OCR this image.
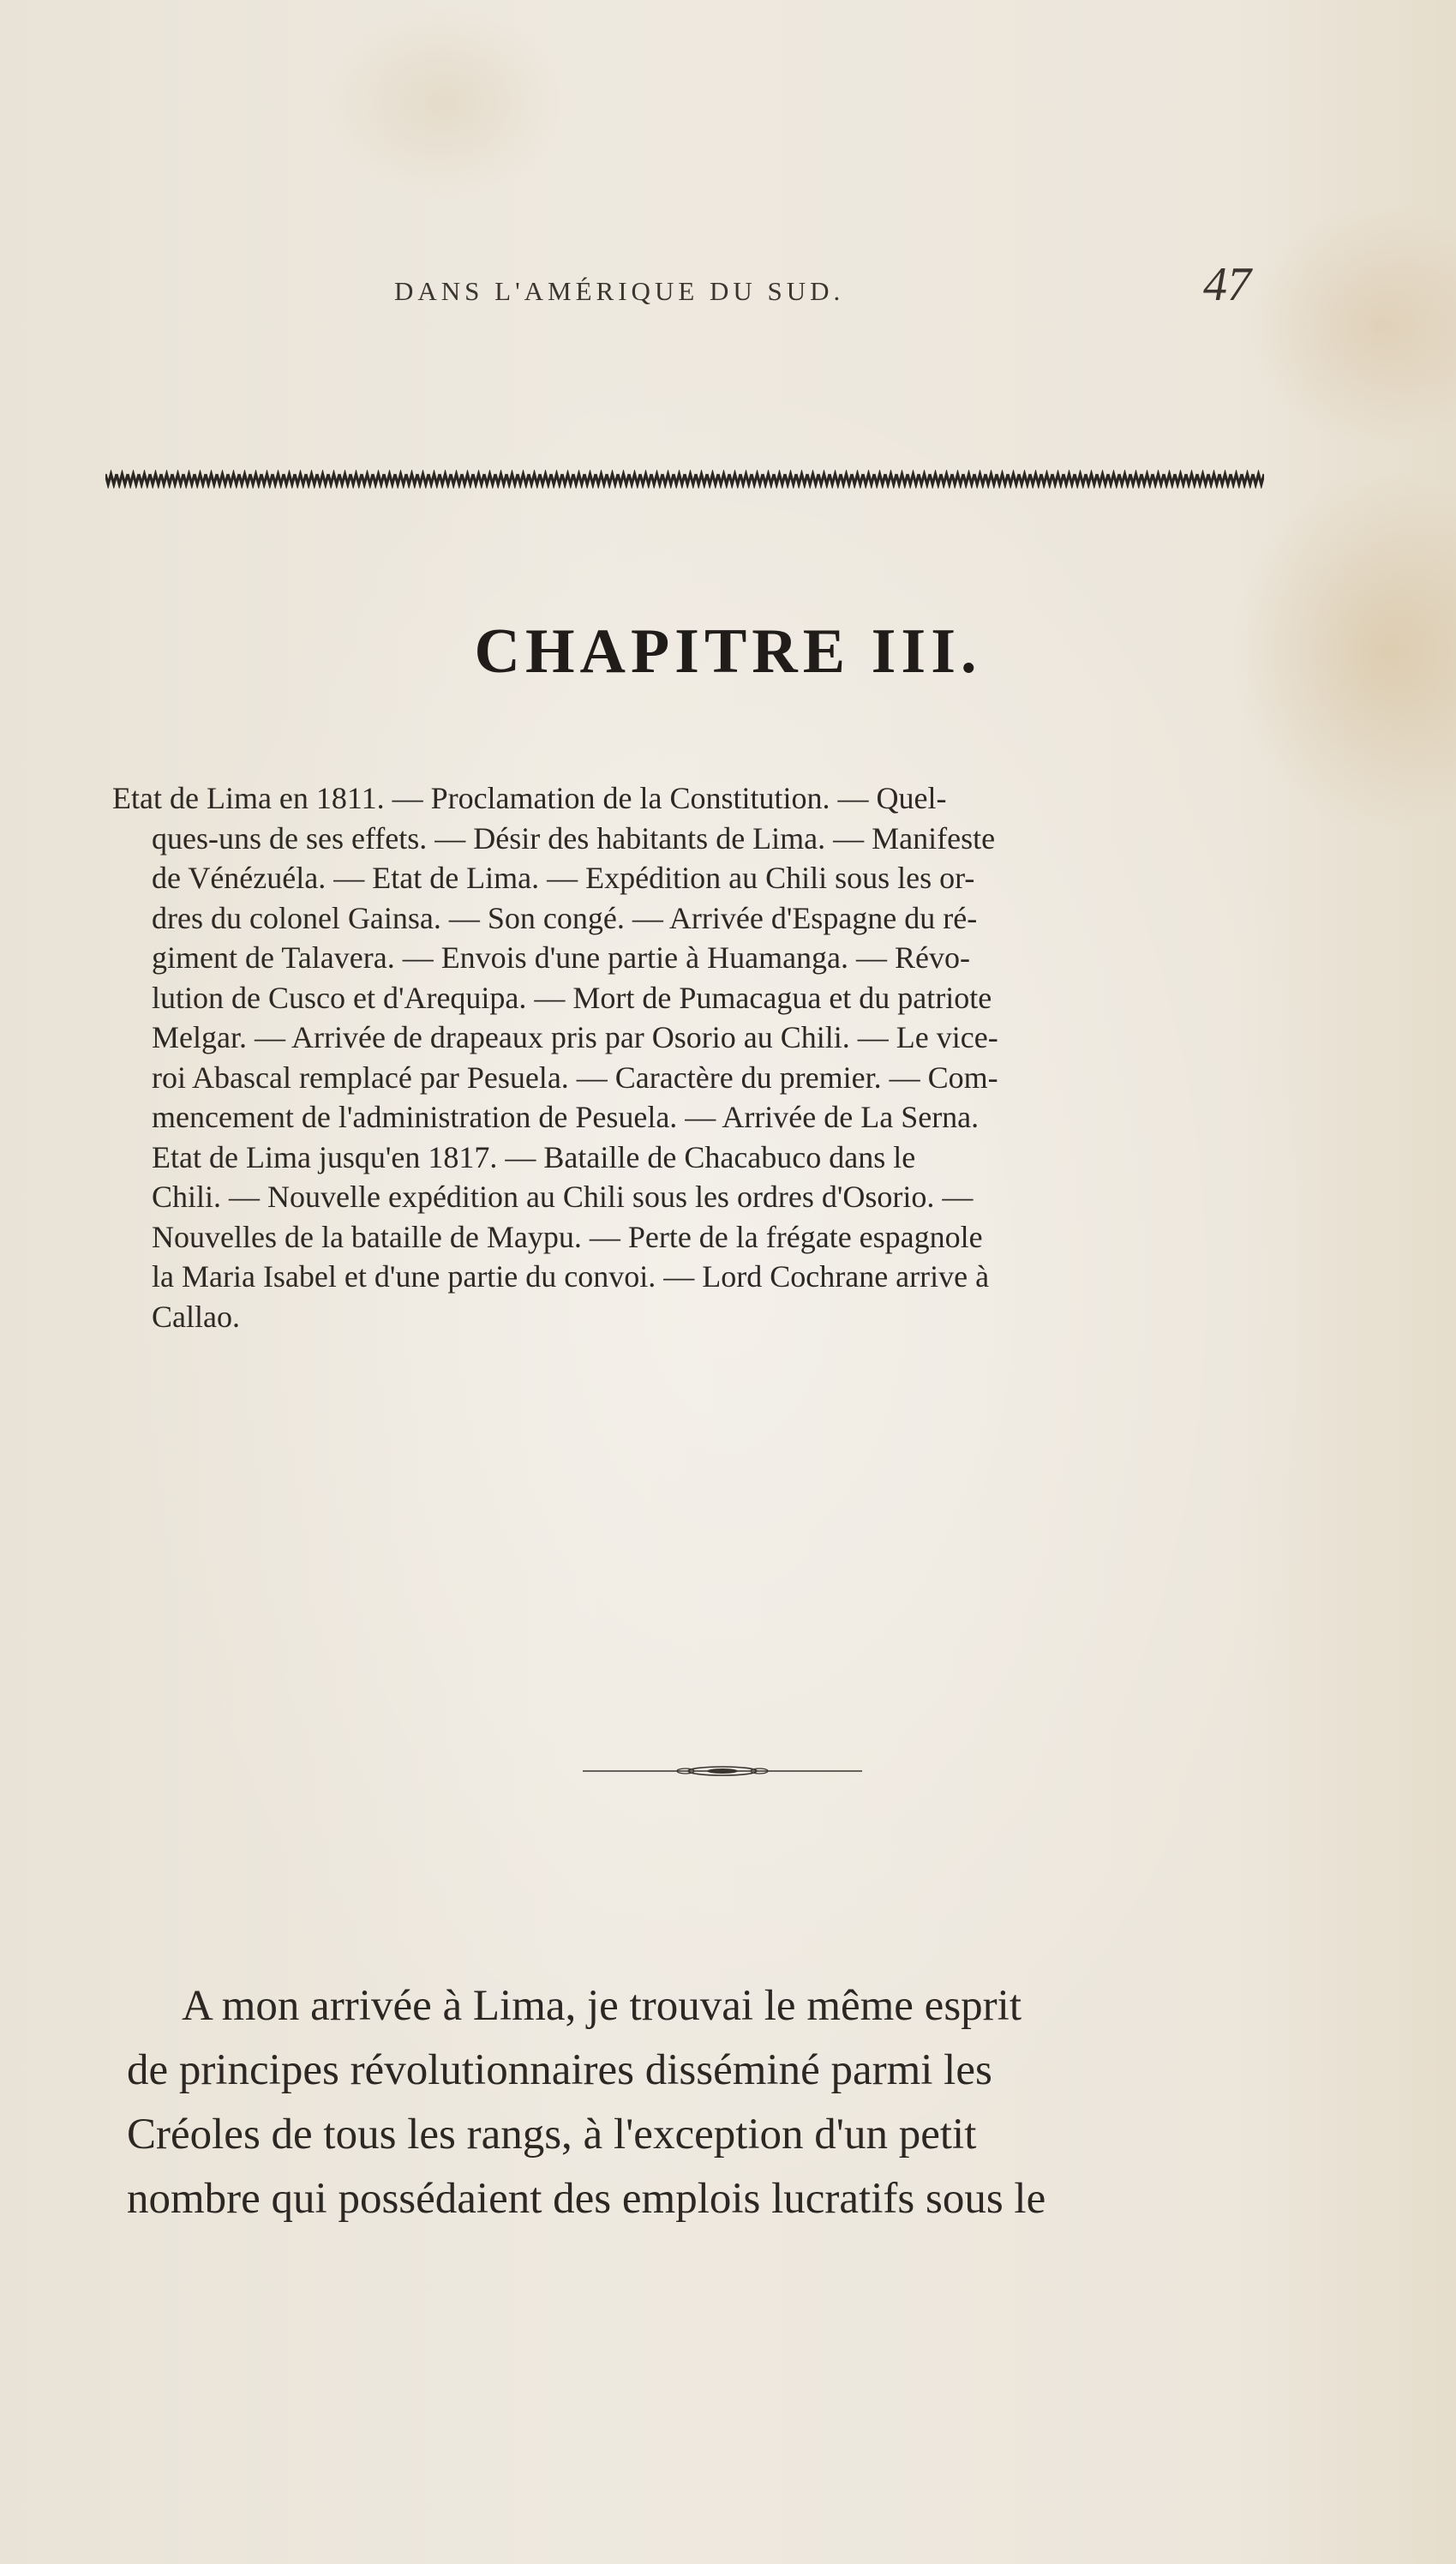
DANS L'AMÉRIQUE DU SUD.	47
CHAPITRE III.
Etat de Lima en 1811. — Proclamation de la Constitution. — Quel-
ques-uns de ses effets. — Désir des habitants de Lima. — Manifeste
de Vénézuéla. — Etat de Lima. — Expédition au Chili sous les or-
dres du colonel Gainsa. — Son congé. — Arrivée d'Espagne du ré-
giment de Talavera. — Envois d'une partie à Huamanga. — Révo-
lution de Cusco et d'Arequipa. — Mort de Pumacagua et du patriote
Melgar. — Arrivée de drapeaux pris par Osorio au Chili. — Le vice-
roi Abascal remplacé par Pesuela. — Caractère du premier. — Com-
mencement de l'administration de Pesuela. — Arrivée de La Serna.
Etat de Lima jusqu'en 1817. — Bataille de Chacabuco dans le
Chili. — Nouvelle expédition au Chili sous les ordres d'Osorio. —
Nouvelles de la bataille de Maypu. — Perte de la frégate espagnole
la Maria Isabel et d'une partie du convoi. — Lord Cochrane arrive à
Callao.
A mon arrivée à Lima, je trouvai le même esprit
de principes révolutionnaires disséminé parmi les
Créoles de tous les rangs, à l'exception d'un petit
nombre qui possédaient des emplois lucratifs sous le
